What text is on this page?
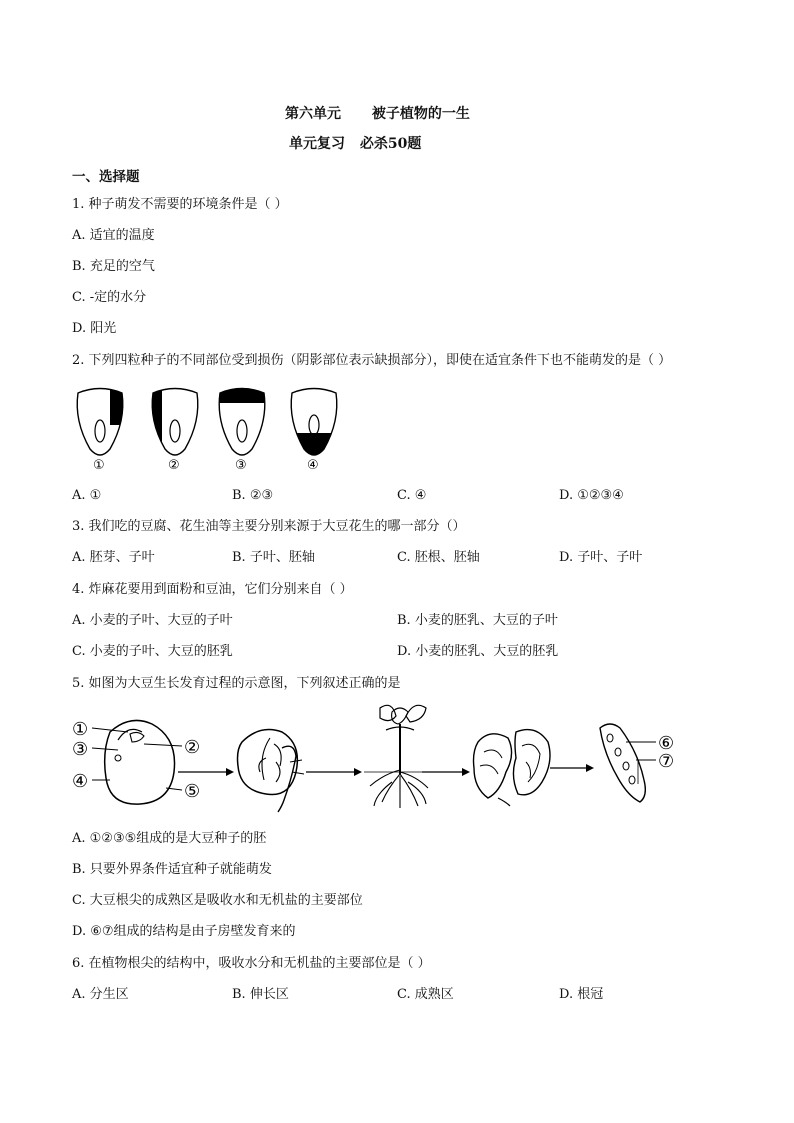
第六单元 被子植物的一生
单元复习 必杀50题
一、选择题
1. 种子萌发不需要的环境条件是（ ）
A. 适宜的温度
B. 充足的空气
C. -定的水分
D. 阳光
2. 下列四粒种子的不同部位受到损伤（阴影部位表示缺损部分），即使在适宜条件下也不能萌发的是（ ）
①	②	③	④
A. ①	B. ②③	C. ④	D. ①②③④
3. 我们吃的豆腐、花生油等主要分别来源于大豆花生的哪一部分（）
A. 胚芽、子叶	B. 子叶、胚轴	C. 胚根、胚轴	D. 子叶、子叶
4. 炸麻花要用到面粉和豆油，它们分别来自（ ）
A. 小麦的子叶、大豆的子叶	B. 小麦的胚乳、大豆的子叶
C. 小麦的子叶、大豆的胚乳	D. 小麦的胚乳、大豆的胚乳
5. 如图为大豆生长发育过程的示意图，下列叙述正确的是
①
②
③
④	⑤
⑥
⑦
A. ①②③⑤组成的是大豆种子的胚
B. 只要外界条件适宜种子就能萌发
C. 大豆根尖的成熟区是吸收水和无机盐的主要部位
D. ⑥⑦组成的结构是由子房壁发育来的
6. 在植物根尖的结构中，吸收水分和无机盐的主要部位是（ ）
A. 分生区	B. 伸长区	C. 成熟区	D. 根冠
